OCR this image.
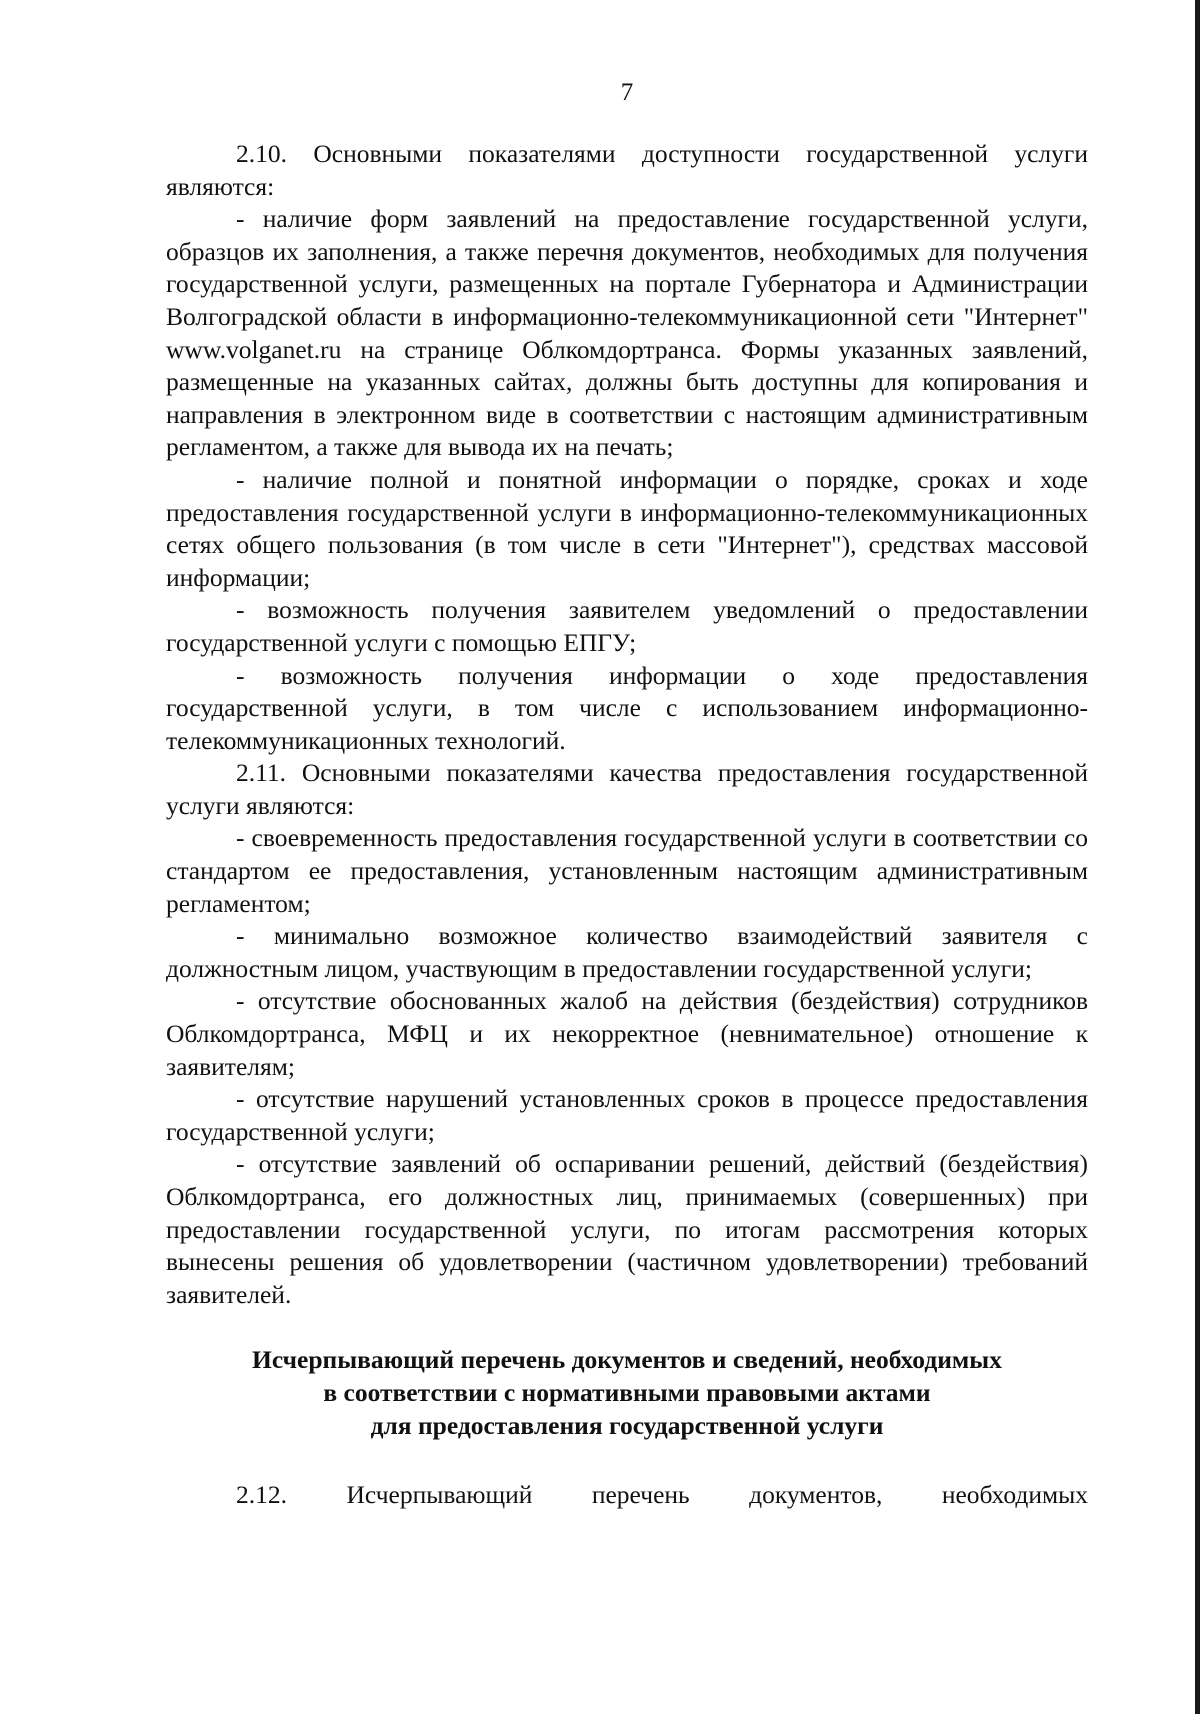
7

2.10. Основными показателями доступности государственной услуги являются:

- наличие форм заявлений на предоставление государственной услуги, образцов их заполнения, а также перечня документов, необходимых для получения государственной услуги, размещенных на портале Губернатора и Администрации Волгоградской области в информационно-телекоммуникационной сети "Интернет" www.volganet.ru на странице Облкомдортранса. Формы указанных заявлений, размещенные на указанных сайтах, должны быть доступны для копирования и направления в электронном виде в соответствии с настоящим административным регламентом, а также для вывода их на печать;

- наличие полной и понятной информации о порядке, сроках и ходе предоставления государственной услуги в информационно-телекоммуникационных сетях общего пользования (в том числе в сети "Интернет"), средствах массовой информации;

- возможность получения заявителем уведомлений о предоставлении государственной услуги с помощью ЕПГУ;

- возможность получения информации о ходе предоставления государственной услуги, в том числе с использованием информационно-телекоммуникационных технологий.

2.11. Основными показателями качества предоставления государственной услуги являются:

- своевременность предоставления государственной услуги в соответствии со стандартом ее предоставления, установленным настоящим административным регламентом;

- минимально возможное количество взаимодействий заявителя с должностным лицом, участвующим в предоставлении государственной услуги;

- отсутствие обоснованных жалоб на действия (бездействия) сотрудников Облкомдортранса, МФЦ и их некорректное (невнимательное) отношение к заявителям;

- отсутствие нарушений установленных сроков в процессе предоставления государственной услуги;

- отсутствие заявлений об оспаривании решений, действий (бездействия) Облкомдортранса, его должностных лиц, принимаемых (совершенных) при предоставлении государственной услуги, по итогам рассмотрения которых вынесены решения об удовлетворении (частичном удовлетворении) требований заявителей.

Исчерпывающий перечень документов и сведений, необходимых
в соответствии с нормативными правовыми актами
для предоставления государственной услуги

2.12. Исчерпывающий перечень документов, необходимых
